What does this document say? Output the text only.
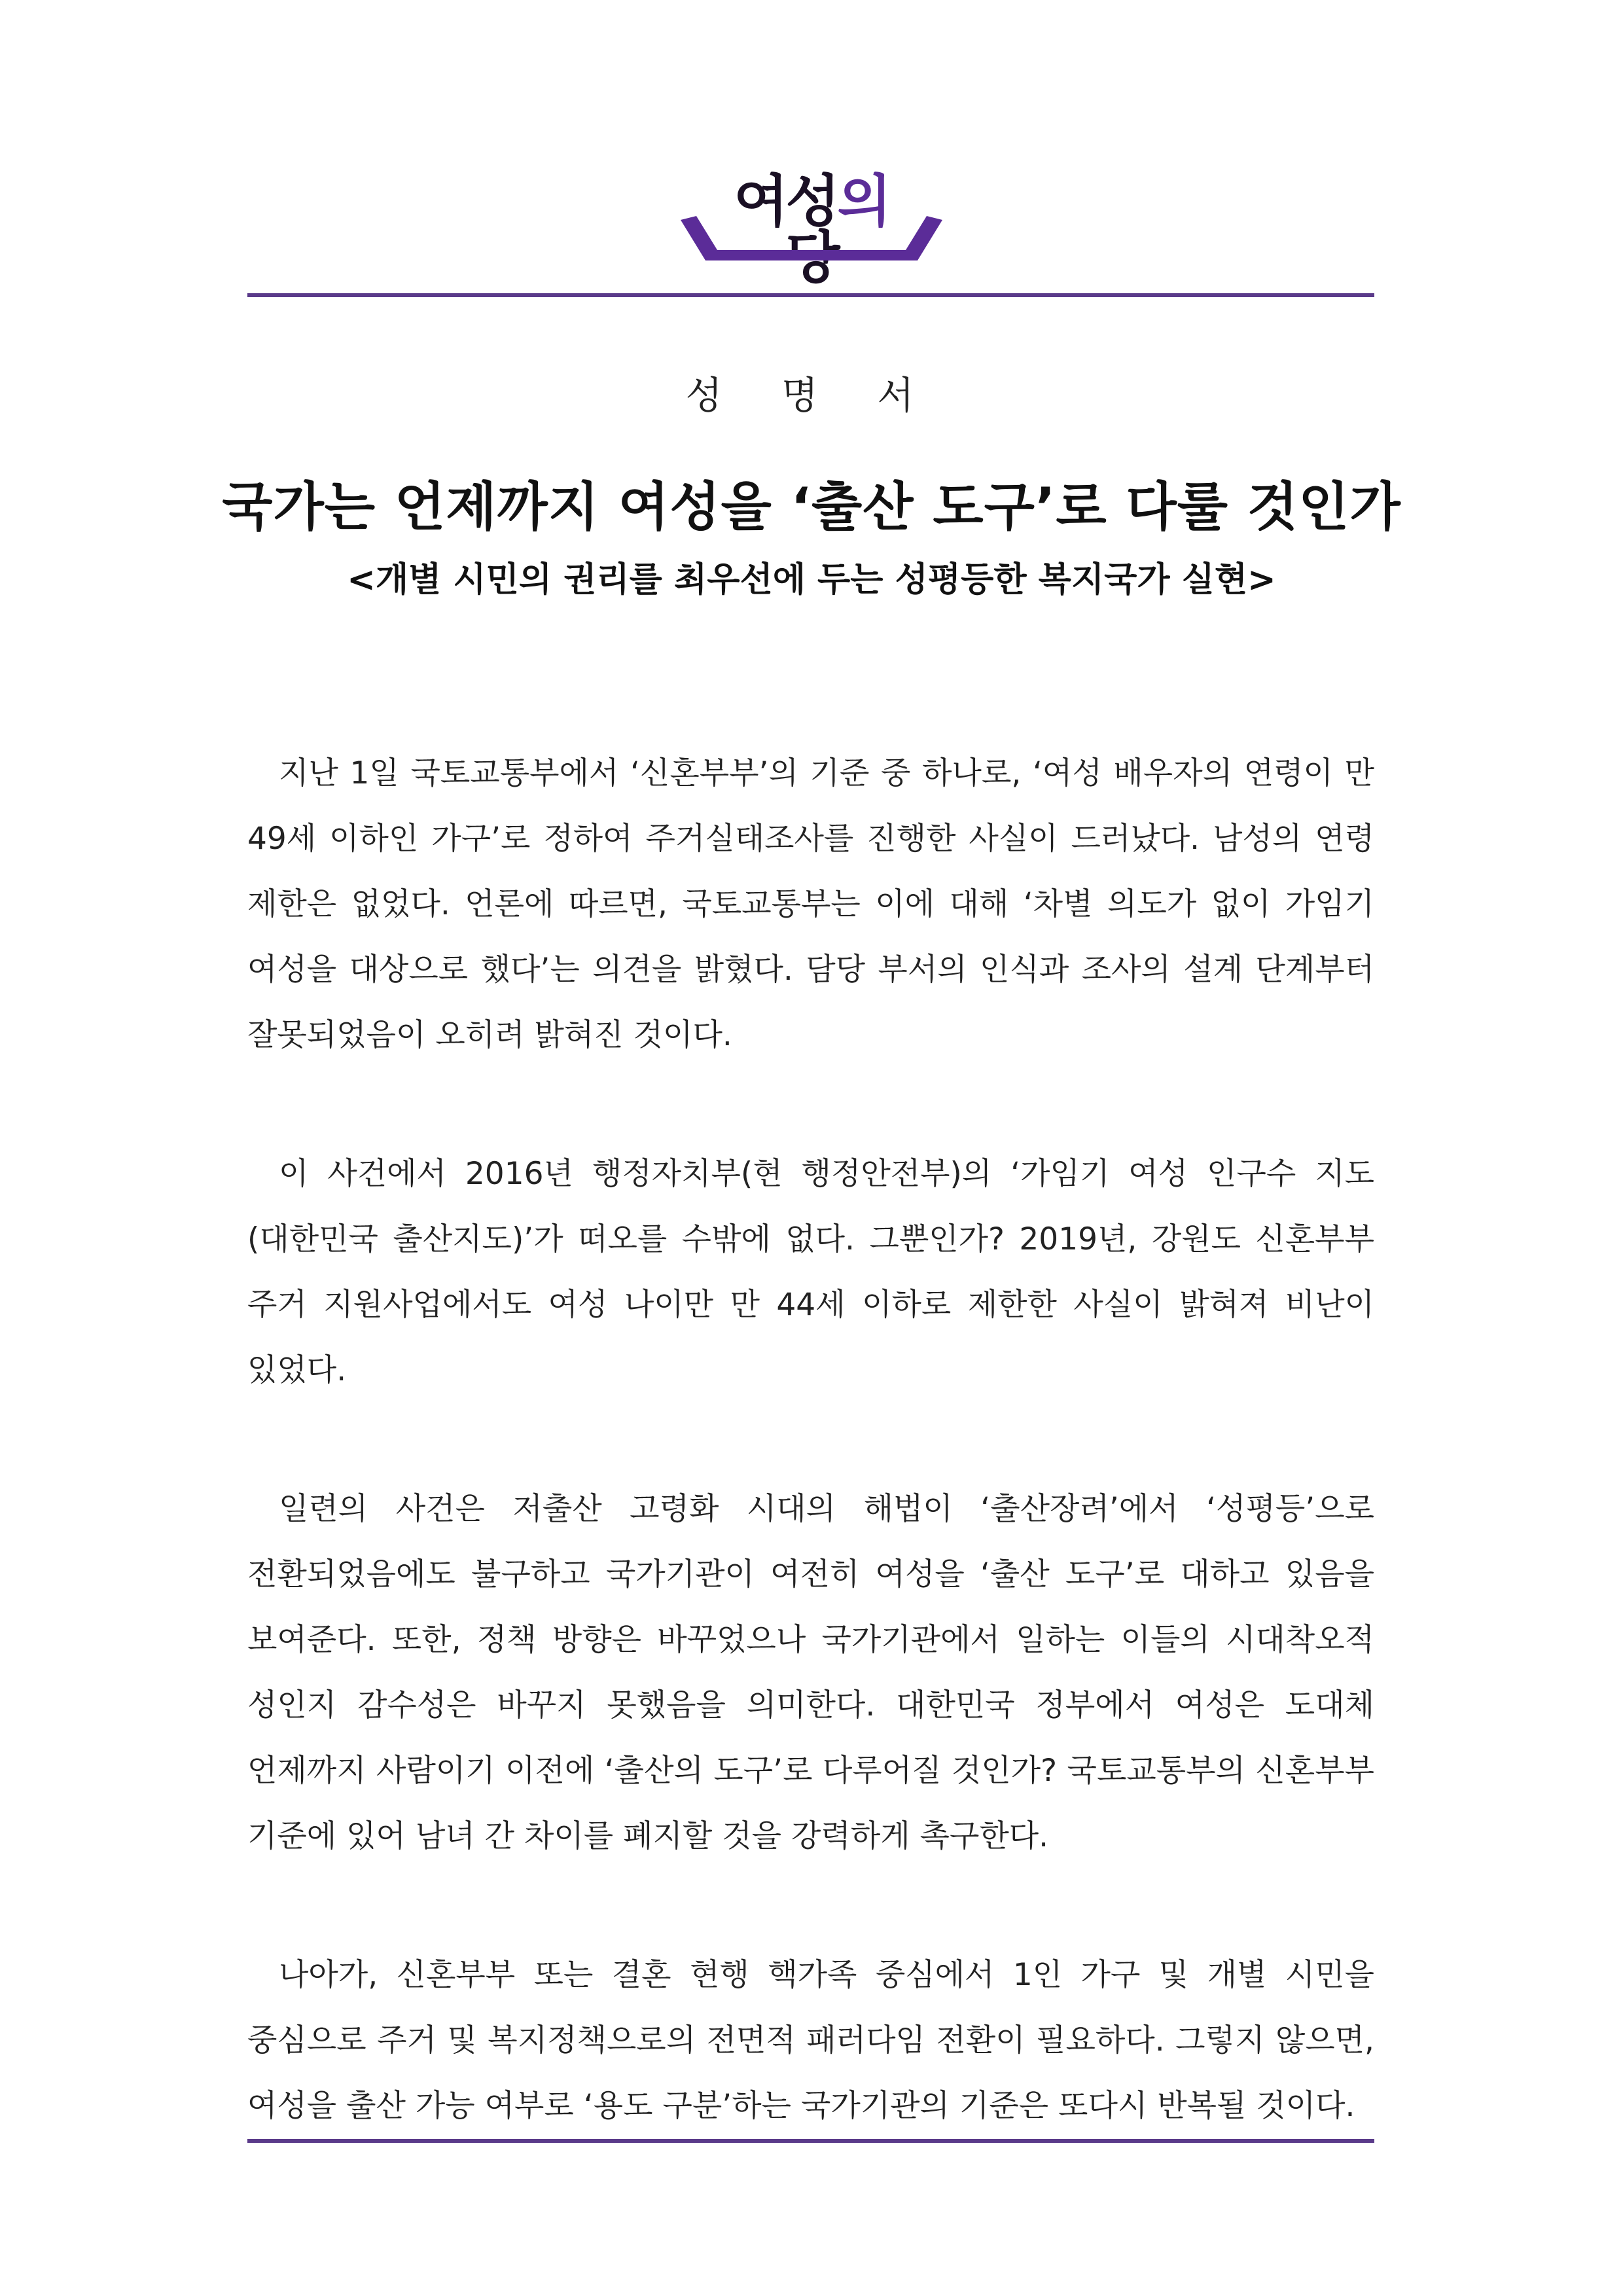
여성의
성 명 서
국가는 언제까지 여성을 ‘출산 도구’로 다룰 것인가
<개별 시민의 권리를 최우선에 두는 성평등한 복지국가 실현>

지난 1일 국토교통부에서 ‘신혼부부’의 기준 중 하나로, ‘여성 배우자의 연령이 만 49세 이하인 가구’로 정하여 주거실태조사를 진행한 사실이 드러났다. 남성의 연령 제한은 없었다. 언론에 따르면, 국토교통부는 이에 대해 ‘차별 의도가 없이 가임기 여성을 대상으로 했다’는 의견을 밝혔다. 담당 부서의 인식과 조사의 설계 단계부터 잘못되었음이 오히려 밝혀진 것이다.

이 사건에서 2016년 행정자치부(현 행정안전부)의 ‘가임기 여성 인구수 지도(대한민국 출산지도)’가 떠오를 수밖에 없다. 그뿐인가? 2019년, 강원도 신혼부부 주거 지원사업에서도 여성 나이만 만 44세 이하로 제한한 사실이 밝혀져 비난이 있었다.

일련의 사건은 저출산 고령화 시대의 해법이 ‘출산장려’에서 ‘성평등’으로 전환되었음에도 불구하고 국가기관이 여전히 여성을 ‘출산 도구’로 대하고 있음을 보여준다. 또한, 정책 방향은 바꾸었으나 국가기관에서 일하는 이들의 시대착오적 성인지 감수성은 바꾸지 못했음을 의미한다. 대한민국 정부에서 여성은 도대체 언제까지 사람이기 이전에 ‘출산의 도구’로 다루어질 것인가? 국토교통부의 신혼부부 기준에 있어 남녀 간 차이를 폐지할 것을 강력하게 촉구한다.

나아가, 신혼부부 또는 결혼 현행 핵가족 중심에서 1인 가구 및 개별 시민을 중심으로 주거 및 복지정책으로의 전면적 패러다임 전환이 필요하다. 그렇지 않으면, 여성을 출산 가능 여부로 ‘용도 구분’하는 국가기관의 기준은 또다시 반복될 것이다.
